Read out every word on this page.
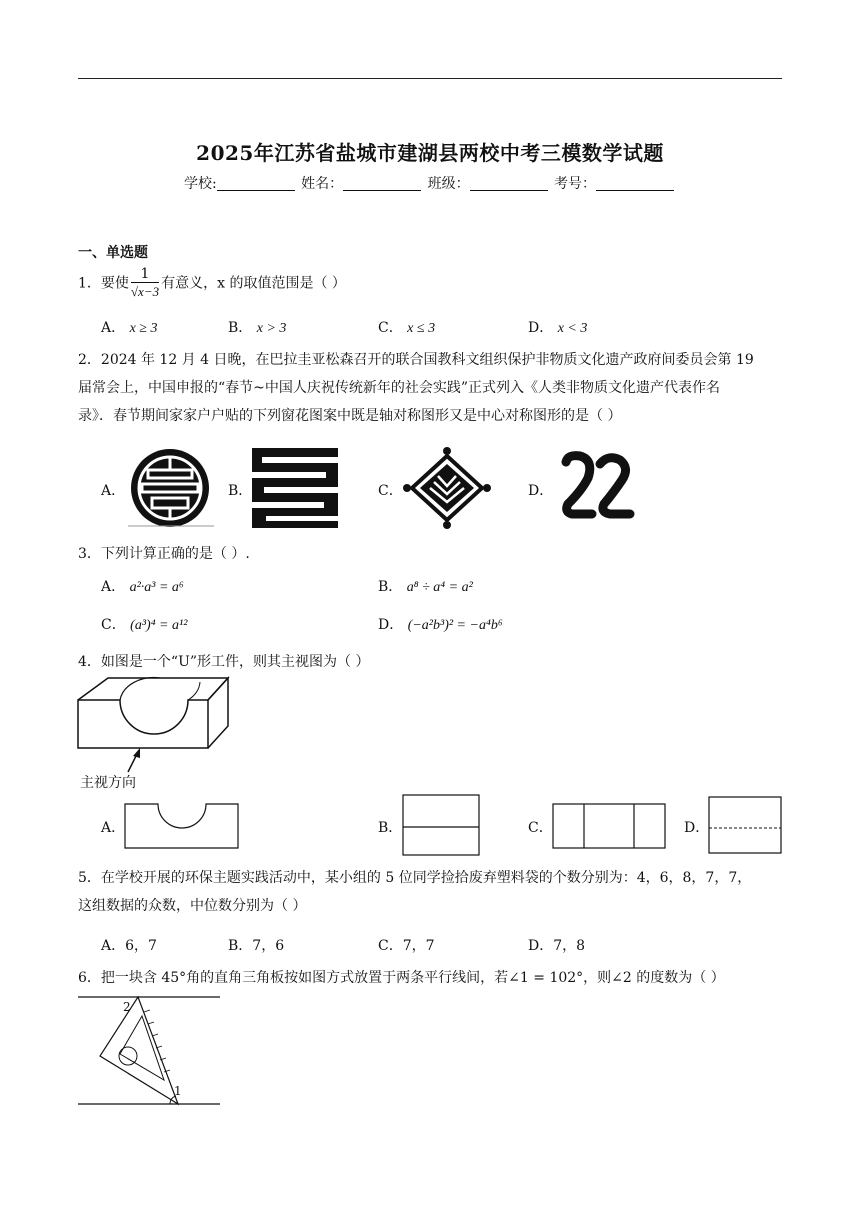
2025年江苏省盐城市建湖县两校中考三模数学试题
学校:	姓名：	班级：	考号：
一、单选题
1．要使 $\frac{1}{√x-3}$ 有意义，x 的取值范围是（ ）
A． x ≥ 3	B． x > 3	C． x ≤ 3	D． x < 3
2．2024 年 12 月 4 日晚，在巴拉圭亚松森召开的联合国教科文组织保护非物质文化遗产政府间委员会第 19
届常会上，中国申报的“春节~中国人庆祝传统新年的社会实践”正式列入《人类非物质文化遗产代表作名
录》．春节期间家家户户贴的下列窗花图案中既是轴对称图形又是中心对称图形的是（ ）
A．	B．	C．	D．
3．下列计算正确的是（ ）.
A． a²·a³ = a⁶	B． a⁸ ÷ a⁴ = a²
C． (a³)⁴ = a¹²	D． (−a²b³)² = −a⁴b⁶
4．如图是一个“U”形工件，则其主视图为（ ）
主视方向
A．	B．	C．	D．
5．在学校开展的环保主题实践活动中，某小组的 5 位同学捡拾废弃塑料袋的个数分别为：4，6，8，7，7，
这组数据的众数，中位数分别为（ ）
A．6，7	B．7，6	C．7，7	D．7，8
6．把一块含 45°角的直角三角板按如图方式放置于两条平行线间，若∠1 = 102°，则∠2 的度数为（ ）
2
1
